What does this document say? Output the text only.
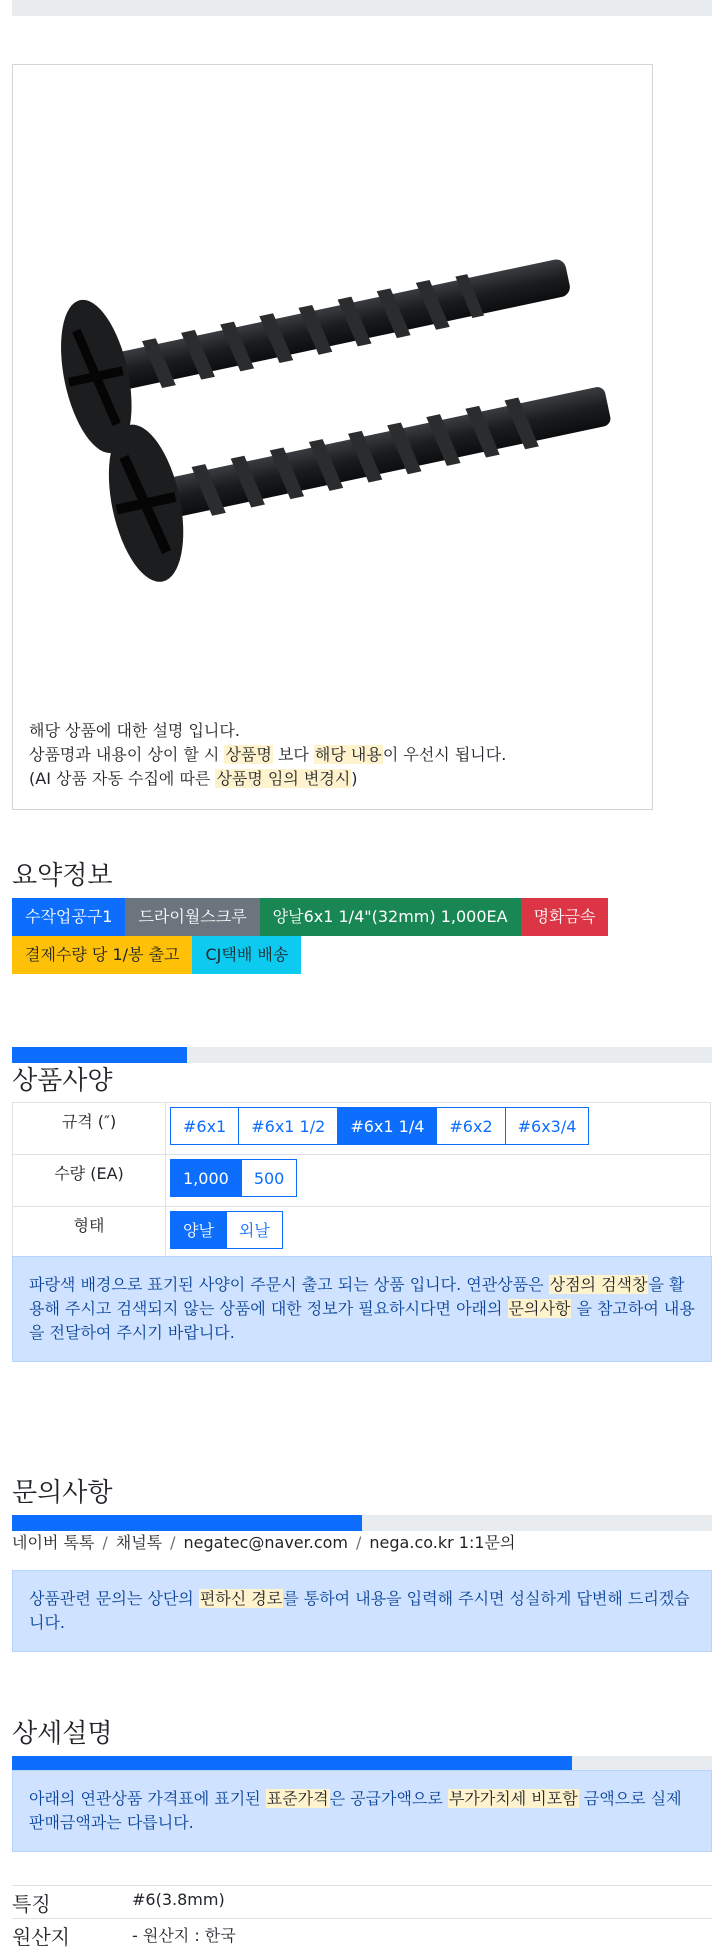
해당 상품에 대한 설명 입니다.
상품명과 내용이 상이 할 시 상품명 보다 해당 내용이 우선시 됩니다.
(AI 상품 자동 수집에 따른 상품명 임의 변경시)
요약정보
수작업공구1	드라이월스크루	양날6x1 1/4"(32mm) 1,000EA	명화금속
결제수량 당 1/봉 출고	CJ택배 배송
상품사양
규격 (″)	#6x1 #6x1 1/2 #6x1 1/4 #6x2 #6x3/4

수량 (EA)	1,000 500

형태	양날 외날
파랑색 배경으로 표기된 사양이 주문시 출고 되는 상품 입니다. 연관상품은 상점의 검색창을 활용해 주시고 검색되지 않는 상품에 대한 정보가 필요하시다면 아래의 문의사항 을 참고하여 내용을 전달하여 주시기 바랍니다.
문의사항
네이버 톡톡 / 채널톡 / negatec@naver.com / nega.co.kr 1:1문의
상품관련 문의는 상단의 편하신 경로를 통하여 내용을 입력해 주시면 성실하게 답변해 드리겠습니다.
상세설명
아래의 연관상품 가격표에 표기된 표준가격은 공급가액으로 부가가치세 비포함 금액으로 실제 판매금액과는 다릅니다.
특징	#6(3.8mm)
원산지	- 원산지 : 한국
